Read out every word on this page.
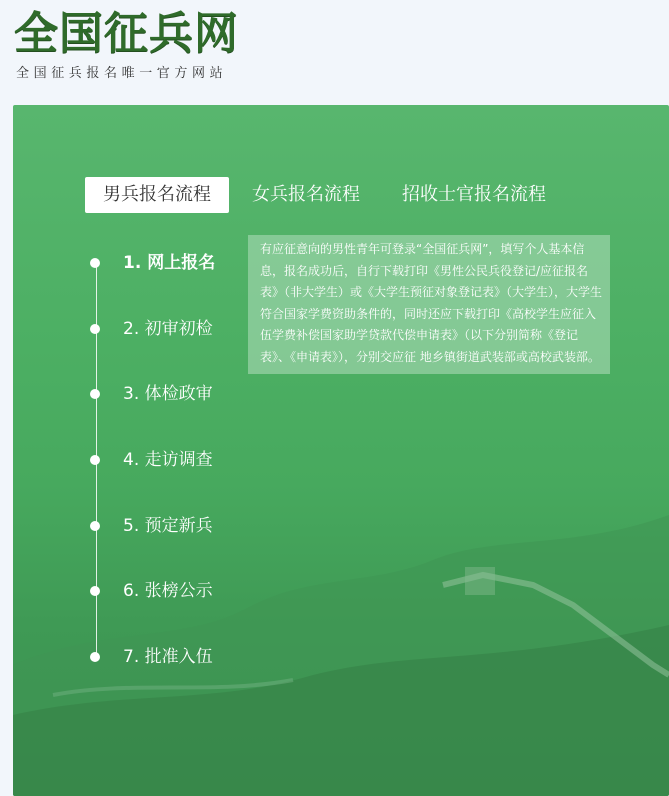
全国征兵网
全国征兵报名唯一官方网站
男兵报名流程	女兵报名流程 招收士官报名流程
1. 网上报名
2. 初审初检
3. 体检政审
4. 走访调查
5. 预定新兵
6. 张榜公示
7. 批准入伍
有应征意向的男性青年可登录“全国征兵网”，填写个人基本信息，报名成功后，自行下载打印《男性公民兵役登记/应征报名表》（非大学生）或《大学生预征对象登记表》（大学生），大学生符合国家学费资助条件的，同时还应下载打印《高校学生应征入伍学费补偿国家助学贷款代偿申请表》（以下分别简称《登记表》、《申请表》），分别交应征 地乡镇街道武装部或高校武装部。
